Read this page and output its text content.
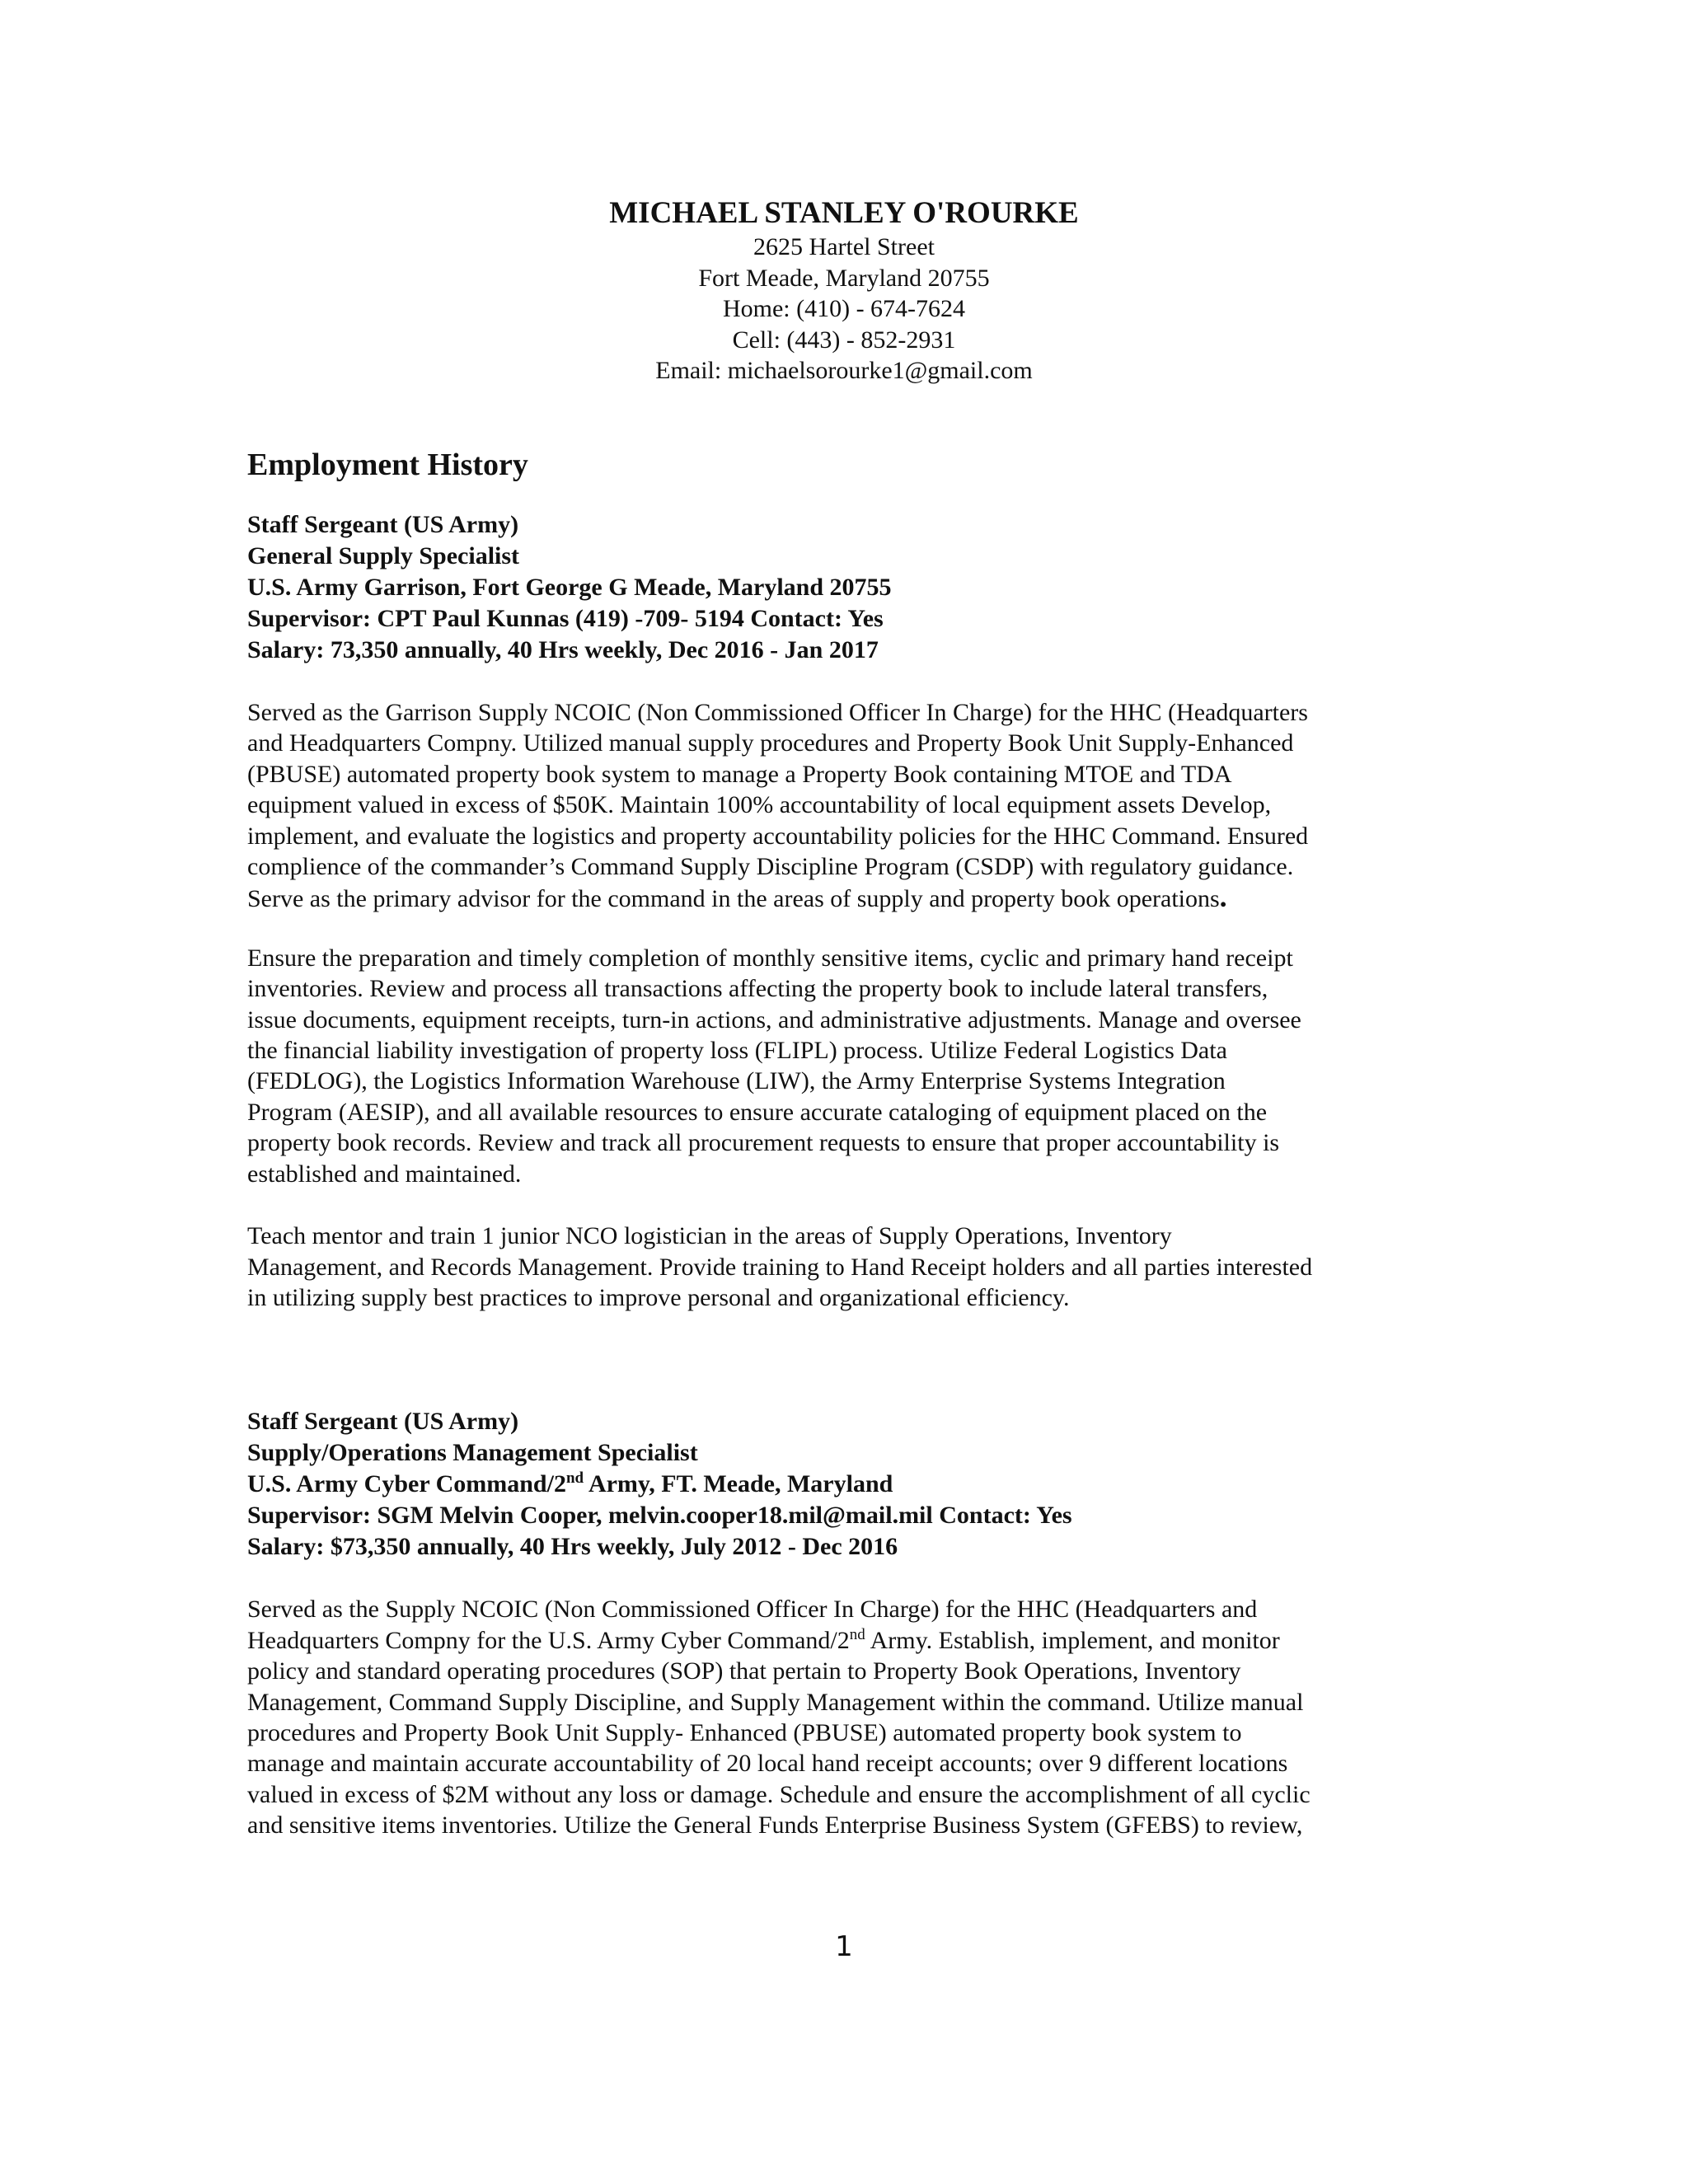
MICHAEL STANLEY O'ROURKE

2625 Hartel Street

Fort Meade, Maryland 20755

Home: (410) - 674-7624

Cell: (443) - 852-2931

Email: michaelsorourke1@gmail.com

Employment History

Staff Sergeant (US Army)

General Supply Specialist

U.S. Army Garrison, Fort George G Meade, Maryland 20755

Supervisor: CPT Paul Kunnas (419) -709- 5194 Contact: Yes

Salary: 73,350 annually, 40 Hrs weekly, Dec 2016 - Jan 2017

Served as the Garrison Supply NCOIC (Non Commissioned Officer In Charge) for the HHC (Headquarters
and Headquarters Compny. Utilized manual supply procedures and Property Book Unit Supply-Enhanced
(PBUSE) automated property book system to manage a Property Book containing MTOE and TDA
equipment valued in excess of $50K. Maintain 100% accountability of local equipment assets Develop,
implement, and evaluate the logistics and property accountability policies for the HHC Command. Ensured
complience of the commander’s Command Supply Discipline Program (CSDP) with regulatory guidance.
Serve as the primary advisor for the command in the areas of supply and property book operations.

Ensure the preparation and timely completion of monthly sensitive items, cyclic and primary hand receipt
inventories. Review and process all transactions affecting the property book to include lateral transfers,
issue documents, equipment receipts, turn-in actions, and administrative adjustments. Manage and oversee
the financial liability investigation of property loss (FLIPL) process. Utilize Federal Logistics Data
(FEDLOG), the Logistics Information Warehouse (LIW), the Army Enterprise Systems Integration
Program (AESIP), and all available resources to ensure accurate cataloging of equipment placed on the
property book records. Review and track all procurement requests to ensure that proper accountability is
established and maintained.

Teach mentor and train 1 junior NCO logistician in the areas of Supply Operations, Inventory
Management, and Records Management. Provide training to Hand Receipt holders and all parties interested
in utilizing supply best practices to improve personal and organizational efficiency.

Staff Sergeant (US Army)

Supply/Operations Management Specialist

U.S. Army Cyber Command/2nd Army, FT. Meade, Maryland

Supervisor: SGM Melvin Cooper, melvin.cooper18.mil@mail.mil Contact: Yes

Salary: $73,350 annually, 40 Hrs weekly, July 2012 - Dec 2016

Served as the Supply NCOIC (Non Commissioned Officer In Charge) for the HHC (Headquarters and
Headquarters Compny for the U.S. Army Cyber Command/2nd Army. Establish, implement, and monitor
policy and standard operating procedures (SOP) that pertain to Property Book Operations, Inventory
Management, Command Supply Discipline, and Supply Management within the command. Utilize manual
procedures and Property Book Unit Supply- Enhanced (PBUSE) automated property book system to
manage and maintain accurate accountability of 20 local hand receipt accounts; over 9 different locations
valued in excess of $2M without any loss or damage. Schedule and ensure the accomplishment of all cyclic
and sensitive items inventories. Utilize the General Funds Enterprise Business System (GFEBS) to review,

1
